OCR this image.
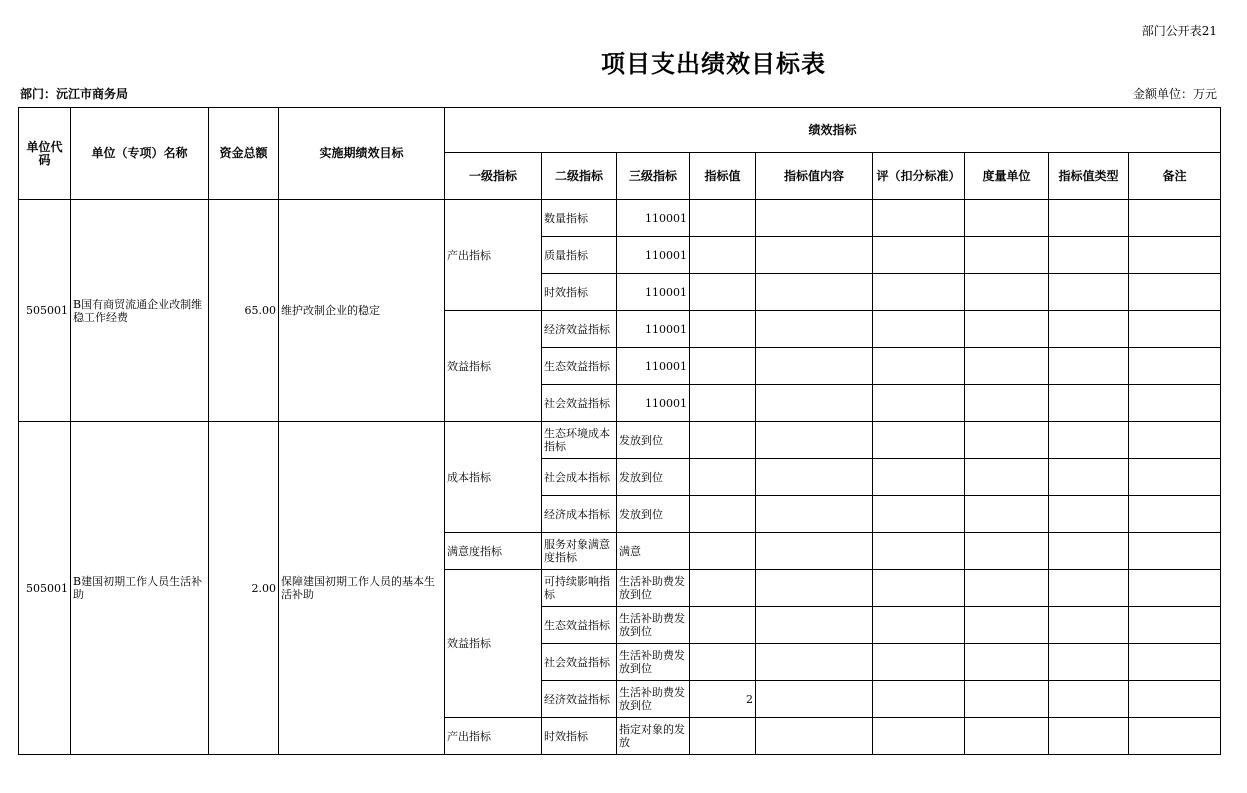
部门公开表21
项目支出绩效目标表
部门：沅江市商务局	金额单位：万元
单位代码	单位（专项）名称	资金总额	实施期绩效目标	绩效指标								
				一级指标	二级指标	三级指标	指标值	指标值内容	评（扣分标准）	度量单位	指标值类型	备注
505001	B国有商贸流通企业改制维稳工作经费	65.00	维护改制企业的稳定	产出指标	数量指标	110001						
					质量指标	110001						
					时效指标	110001						
				效益指标	经济效益指标	110001						
					生态效益指标	110001						
					社会效益指标	110001						
505001	B建国初期工作人员生活补助	2.00	保障建国初期工作人员的基本生活补助	成本指标	生态环境成本指标	发放到位						
					社会成本指标	发放到位						
					经济成本指标	发放到位						
				满意度指标	服务对象满意度指标	满意						
				效益指标	可持续影响指标	生活补助费发放到位						
					生态效益指标	生活补助费发放到位						
					社会效益指标	生活补助费发放到位						
					经济效益指标	生活补助费发放到位	2					
				产出指标	时效指标	指定对象的发放						
